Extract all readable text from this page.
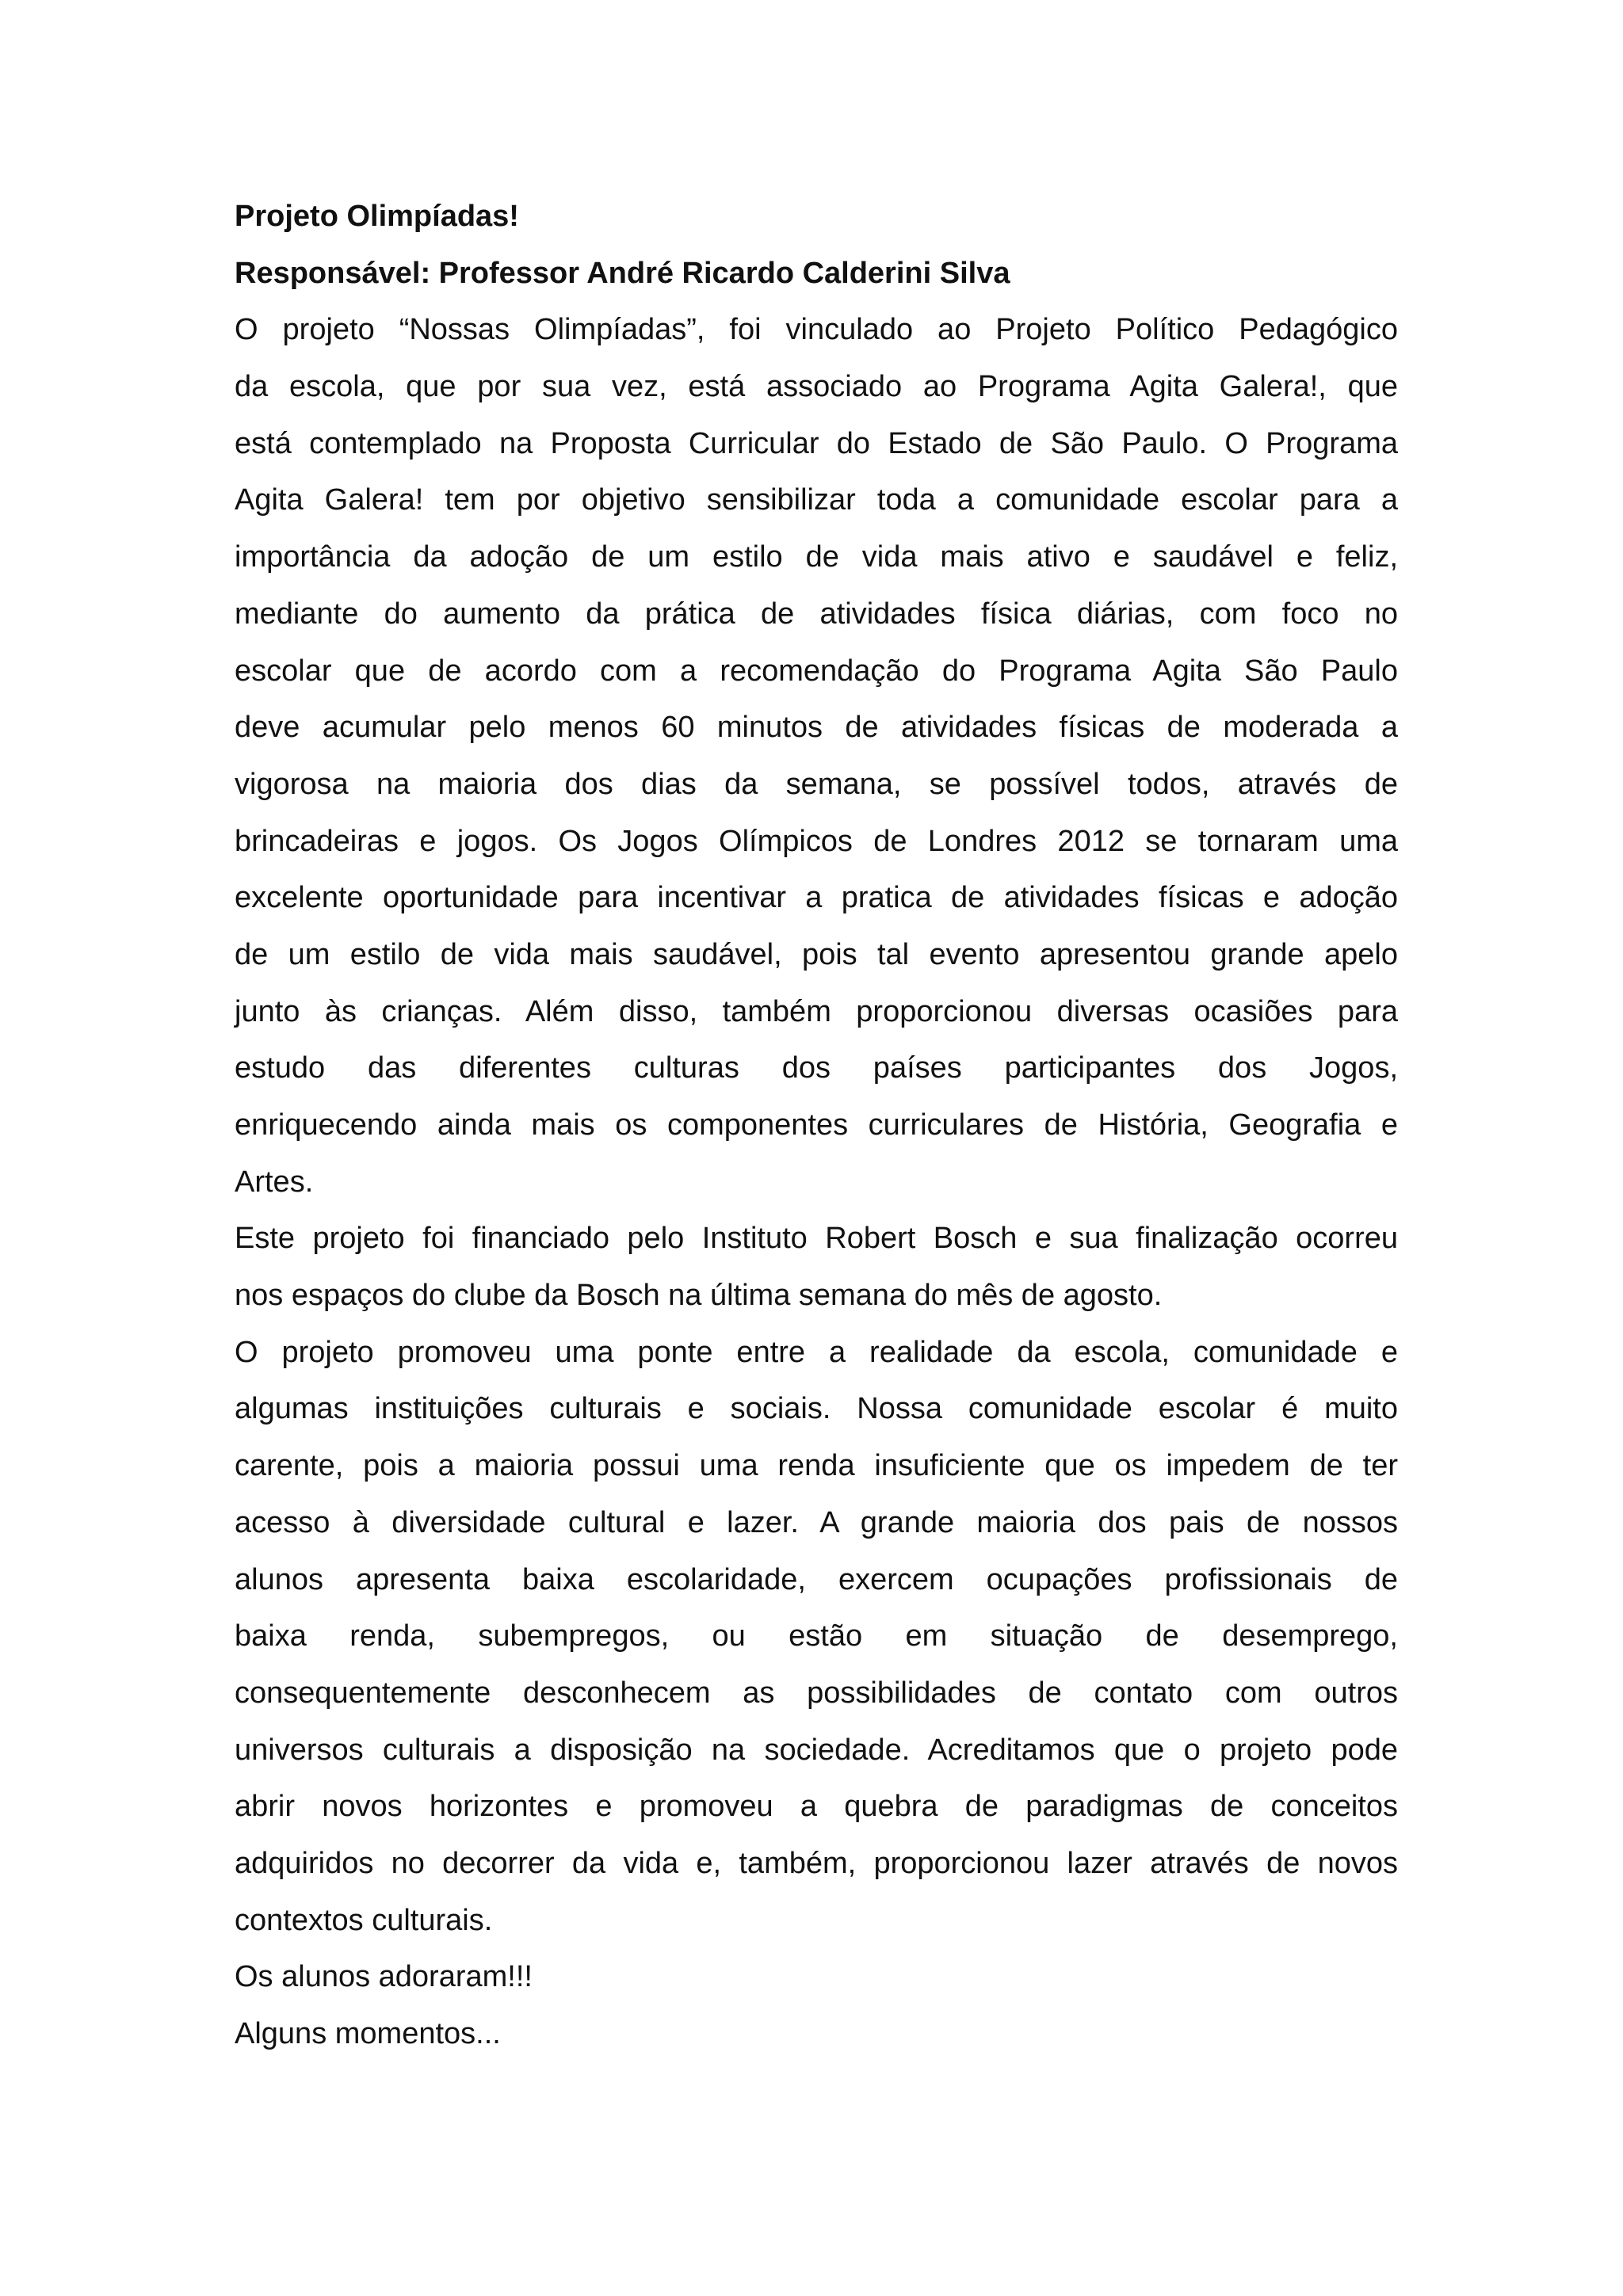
Projeto Olimpíadas!
Responsável: Professor André Ricardo Calderini Silva
O projeto “Nossas Olimpíadas”, foi vinculado ao Projeto Político Pedagógico
da escola, que por sua vez, está associado ao Programa Agita Galera!, que
está contemplado na Proposta Curricular do Estado de São Paulo. O Programa
Agita Galera! tem por objetivo sensibilizar toda a comunidade escolar para a
importância da adoção de um estilo de vida mais ativo e saudável e feliz,
mediante do aumento da prática de atividades física diárias, com foco no
escolar que de acordo com a recomendação do Programa Agita São Paulo
deve acumular pelo menos 60 minutos de atividades físicas de moderada a
vigorosa na maioria dos dias da semana, se possível todos, através de
brincadeiras e jogos. Os Jogos Olímpicos de Londres 2012 se tornaram uma
excelente oportunidade para incentivar a pratica de atividades físicas e adoção
de um estilo de vida mais saudável, pois tal evento apresentou grande apelo
junto às crianças. Além disso, também proporcionou diversas ocasiões para
estudo das diferentes culturas dos países participantes dos Jogos,
enriquecendo ainda mais os componentes curriculares de História, Geografia e
Artes.
Este projeto foi financiado pelo Instituto Robert Bosch e sua finalização ocorreu
nos espaços do clube da Bosch na última semana do mês de agosto.
O projeto promoveu uma ponte entre a realidade da escola, comunidade e
algumas instituições culturais e sociais. Nossa comunidade escolar é muito
carente, pois a maioria possui uma renda insuficiente que os impedem de ter
acesso à diversidade cultural e lazer. A grande maioria dos pais de nossos
alunos apresenta baixa escolaridade, exercem ocupações profissionais de
baixa renda, subempregos, ou estão em situação de desemprego,
consequentemente desconhecem as possibilidades de contato com outros
universos culturais a disposição na sociedade. Acreditamos que o projeto pode
abrir novos horizontes e promoveu a quebra de paradigmas de conceitos
adquiridos no decorrer da vida e, também, proporcionou lazer através de novos
contextos culturais.
Os alunos adoraram!!!
Alguns momentos...
